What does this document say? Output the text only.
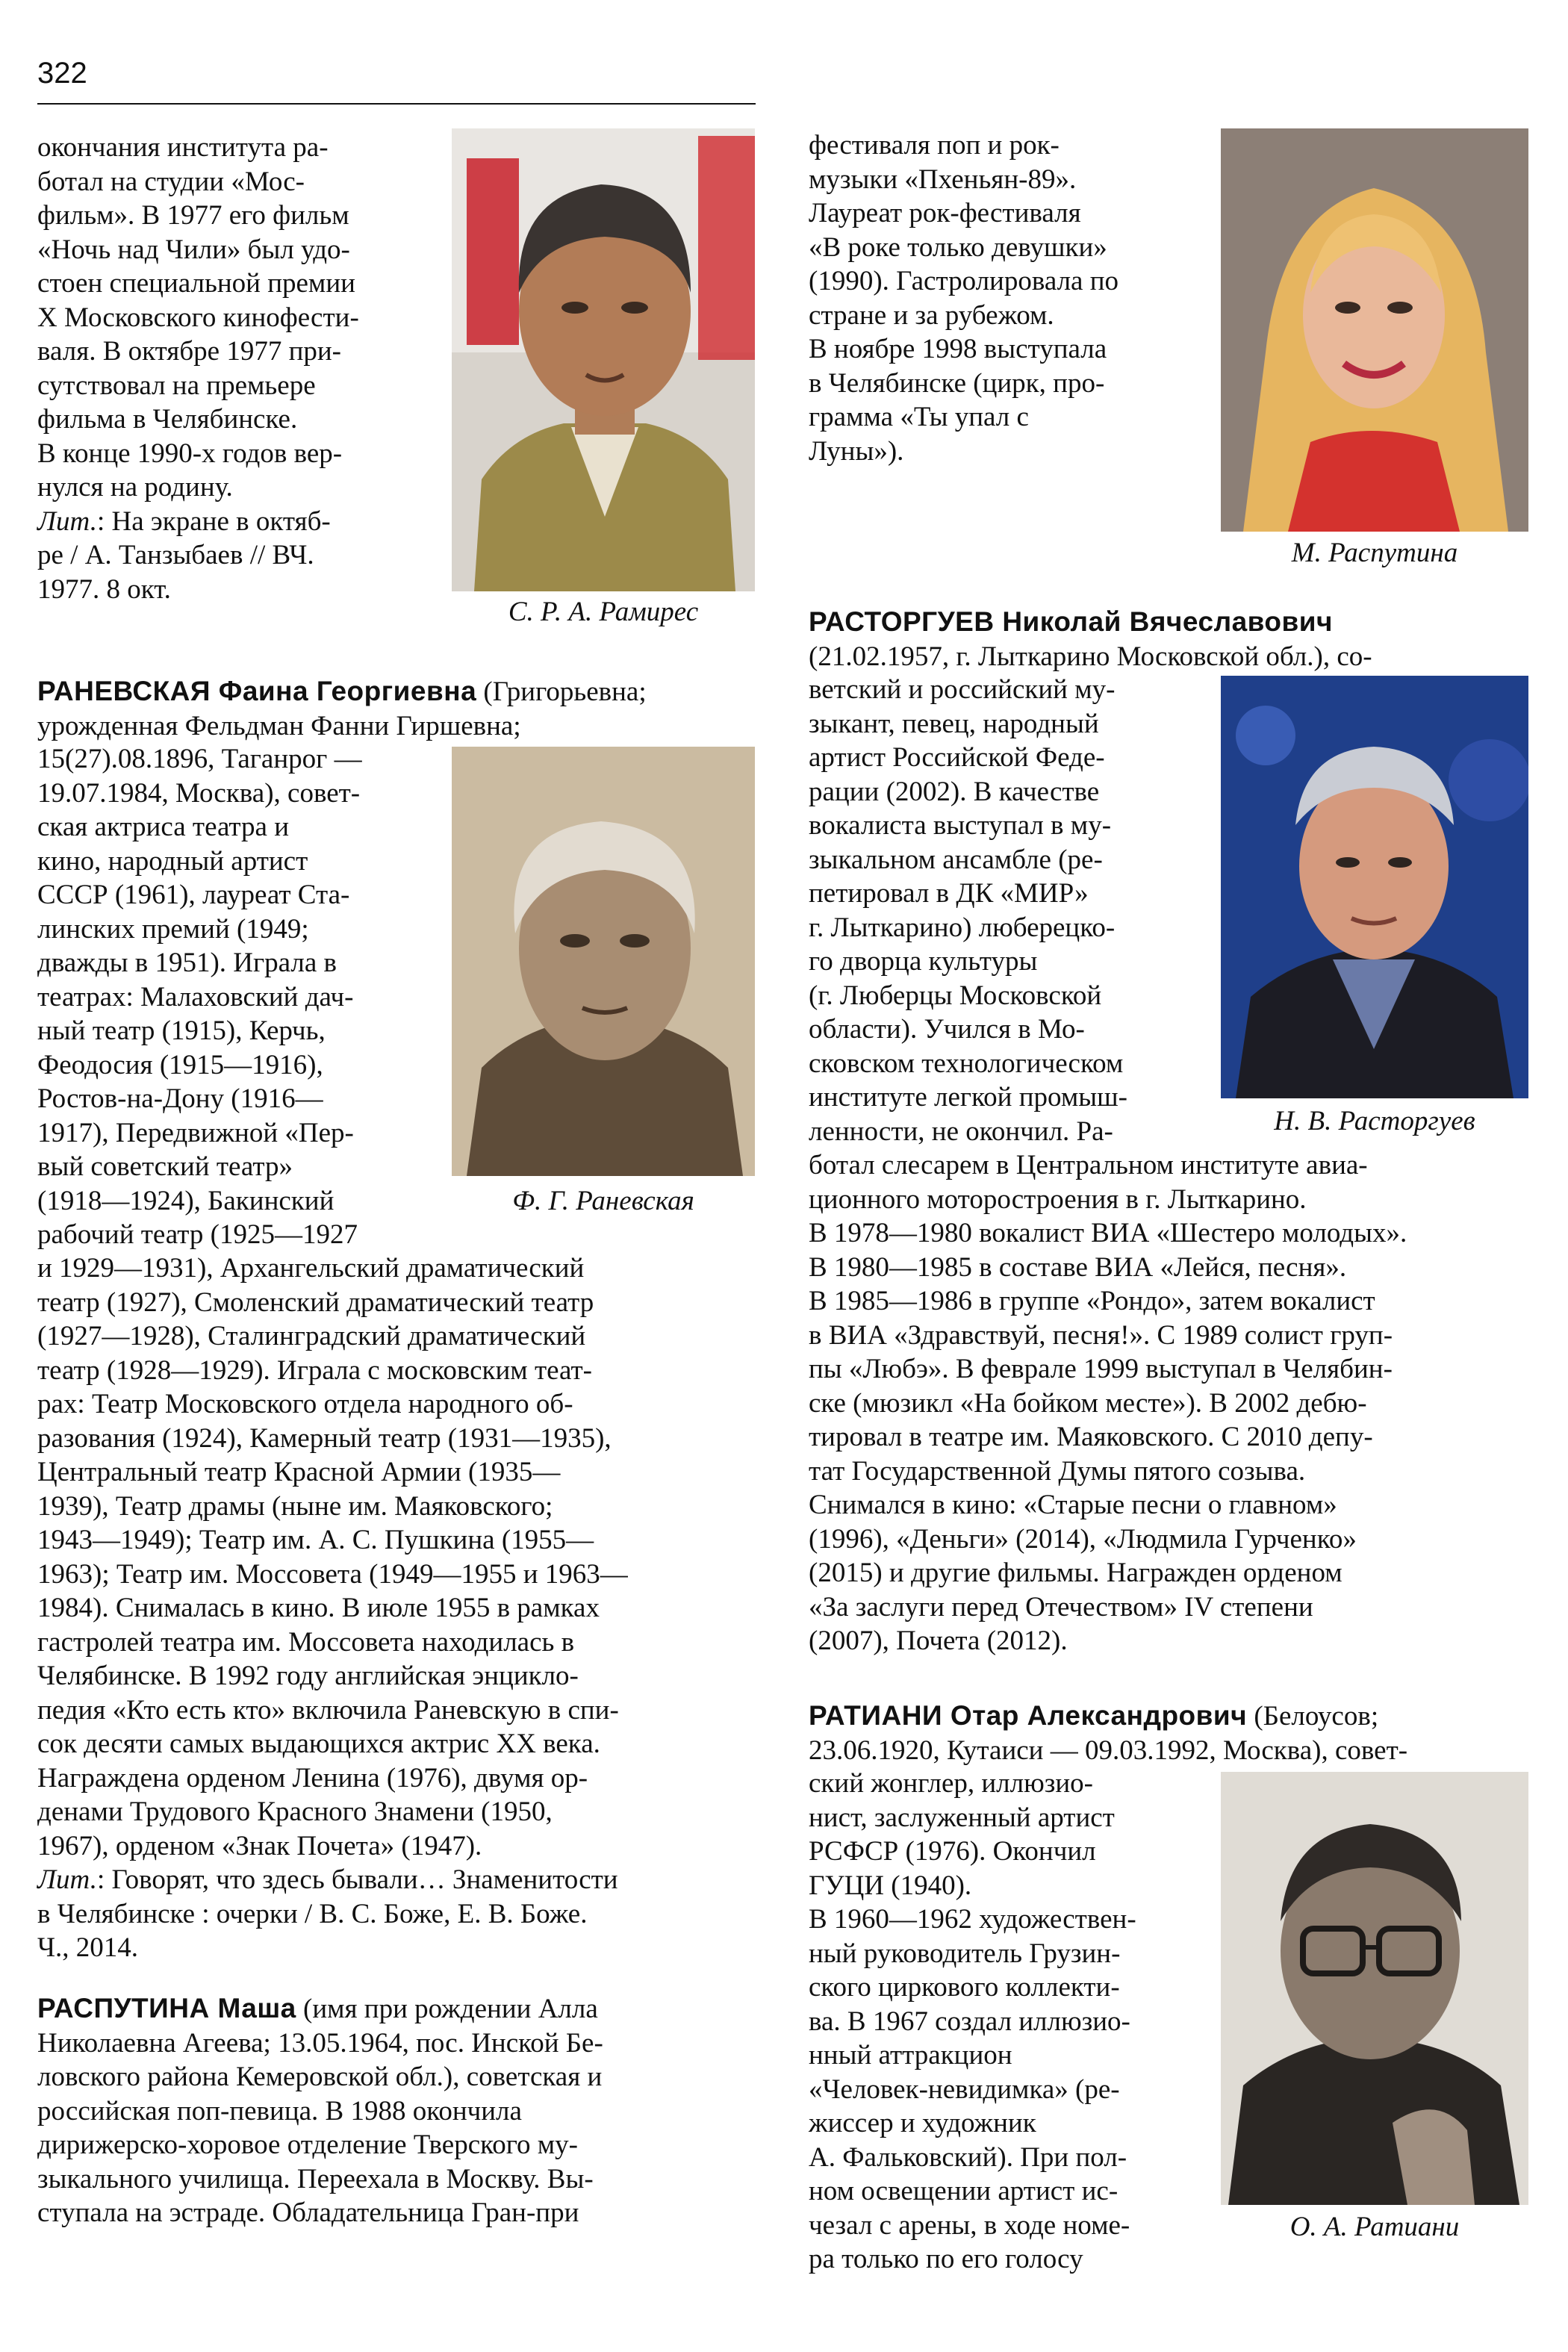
322

окончания института ра-

ботал на студии «Мос-

фильм». В 1977 его фильм

«Ночь над Чили» был удо-

стоен специальной премии

X Московского кинофести-

валя. В октябре 1977 при-

сутствовал на премьере

фильма в Челябинске.

В конце 1990-х годов вер-

нулся на родину.

Лит.: На экране в октяб-

ре / А. Танзыбаев // ВЧ.

1977. 8 окт.

С. Р. А. Рамирес

РАНЕВСКАЯ Фаина Георгиевна (Григорьевна;

урожденная Фельдман Фанни Гиршевна;

15(27).08.1896, Таганрог —

19.07.1984, Москва), совет-

ская актриса театра и

кино, народный артист

СССР (1961), лауреат Ста-

линских премий (1949;

дважды в 1951). Играла в

театрах: Малаховский дач-

ный театр (1915), Керчь,

Феодосия (1915—1916),

Ростов-на-Дону (1916—

1917), Передвижной «Пер-

вый советский театр»

(1918—1924), Бакинский

рабочий театр (1925—1927

Ф. Г. Раневская

и 1929—1931), Архангельский драматический

театр (1927), Смоленский драматический театр

(1927—1928), Сталинградский драматический

театр (1928—1929). Играла с московским теат-

рах: Театр Московского отдела народного об-

разования (1924), Камерный театр (1931—1935),

Центральный театр Красной Армии (1935—

1939), Театр драмы (ныне им. Маяковского;

1943—1949); Театр им. А. С. Пушкина (1955—

1963); Театр им. Моссовета (1949—1955 и 1963—

1984). Снималась в кино. В июле 1955 в рамках

гастролей театра им. Моссовета находилась в

Челябинске. В 1992 году английская энцикло-

педия «Кто есть кто» включила Раневскую в спи-

сок десяти самых выдающихся актрис XX века.

Награждена орденом Ленина (1976), двумя ор-

денами Трудового Красного Знамени (1950,

1967), орденом «Знак Почета» (1947).

Лит.: Говорят, что здесь бывали… Знаменитости

в Челябинске : очерки / В. С. Боже, Е. В. Боже.

Ч., 2014.

РАСПУТИНА Маша (имя при рождении Алла

Николаевна Агеева; 13.05.1964, пос. Инской Бе-

ловского района Кемеровской обл.), советская и

российская поп-певица. В 1988 окончила

дирижерско-хоровое отделение Тверского му-

зыкального училища. Переехала в Москву. Вы-

ступала на эстраде. Обладательница Гран-при

фестиваля поп и рок-

музыки «Пхеньян-89».

Лауреат рок-фестиваля

«В роке только девушки»

(1990). Гастролировала по

стране и за рубежом.

В ноябре 1998 выступала

в Челябинске (цирк, про-

грамма «Ты упал с

Луны»).

М. Распутина

РАСТОРГУЕВ Николай Вячеславович

(21.02.1957, г. Лыткарино Московской обл.), со-

ветский и российский му-

зыкант, певец, народный

артист Российской Феде-

рации (2002). В качестве

вокалиста выступал в му-

зыкальном ансамбле (ре-

петировал в ДК «МИР»

г. Лыткарино) люберецко-

го дворца культуры

(г. Люберцы Московской

области). Учился в Мо-

сковском технологическом

институте легкой промыш-

ленности, не окончил. Ра-	Н. В. Расторгуев

ботал слесарем в Центральном институте авиа-

ционного моторостроения в г. Лыткарино.

В 1978—1980 вокалист ВИА «Шестеро молодых».

В 1980—1985 в составе ВИА «Лейся, песня».

В 1985—1986 в группе «Рондо», затем вокалист

в ВИА «Здравствуй, песня!». С 1989 солист груп-

пы «Любэ». В феврале 1999 выступал в Челябин-

ске (мюзикл «На бойком месте»). В 2002 дебю-

тировал в театре им. Маяковского. С 2010 депу-

тат Государственной Думы пятого созыва.

Снимался в кино: «Старые песни о главном»

(1996), «Деньги» (2014), «Людмила Гурченко»

(2015) и другие фильмы. Награжден орденом

«За заслуги перед Отечеством» IV степени

(2007), Почета (2012).

РАТИАНИ Отар Александрович (Белоусов;

23.06.1920, Кутаиси — 09.03.1992, Москва), совет-

ский жонглер, иллюзио-

нист, заслуженный артист

РСФСР (1976). Окончил

ГУЦИ (1940).

В 1960—1962 художествен-

ный руководитель Грузин-

ского циркового коллекти-

ва. В 1967 создал иллюзио-

нный аттракцион

«Человек-невидимка» (ре-

жиссер и художник

А. Фальковский). При пол-

ном освещении артист ис-

чезал с арены, в ходе номе-

ра только по его голосу

О. А. Ратиани
